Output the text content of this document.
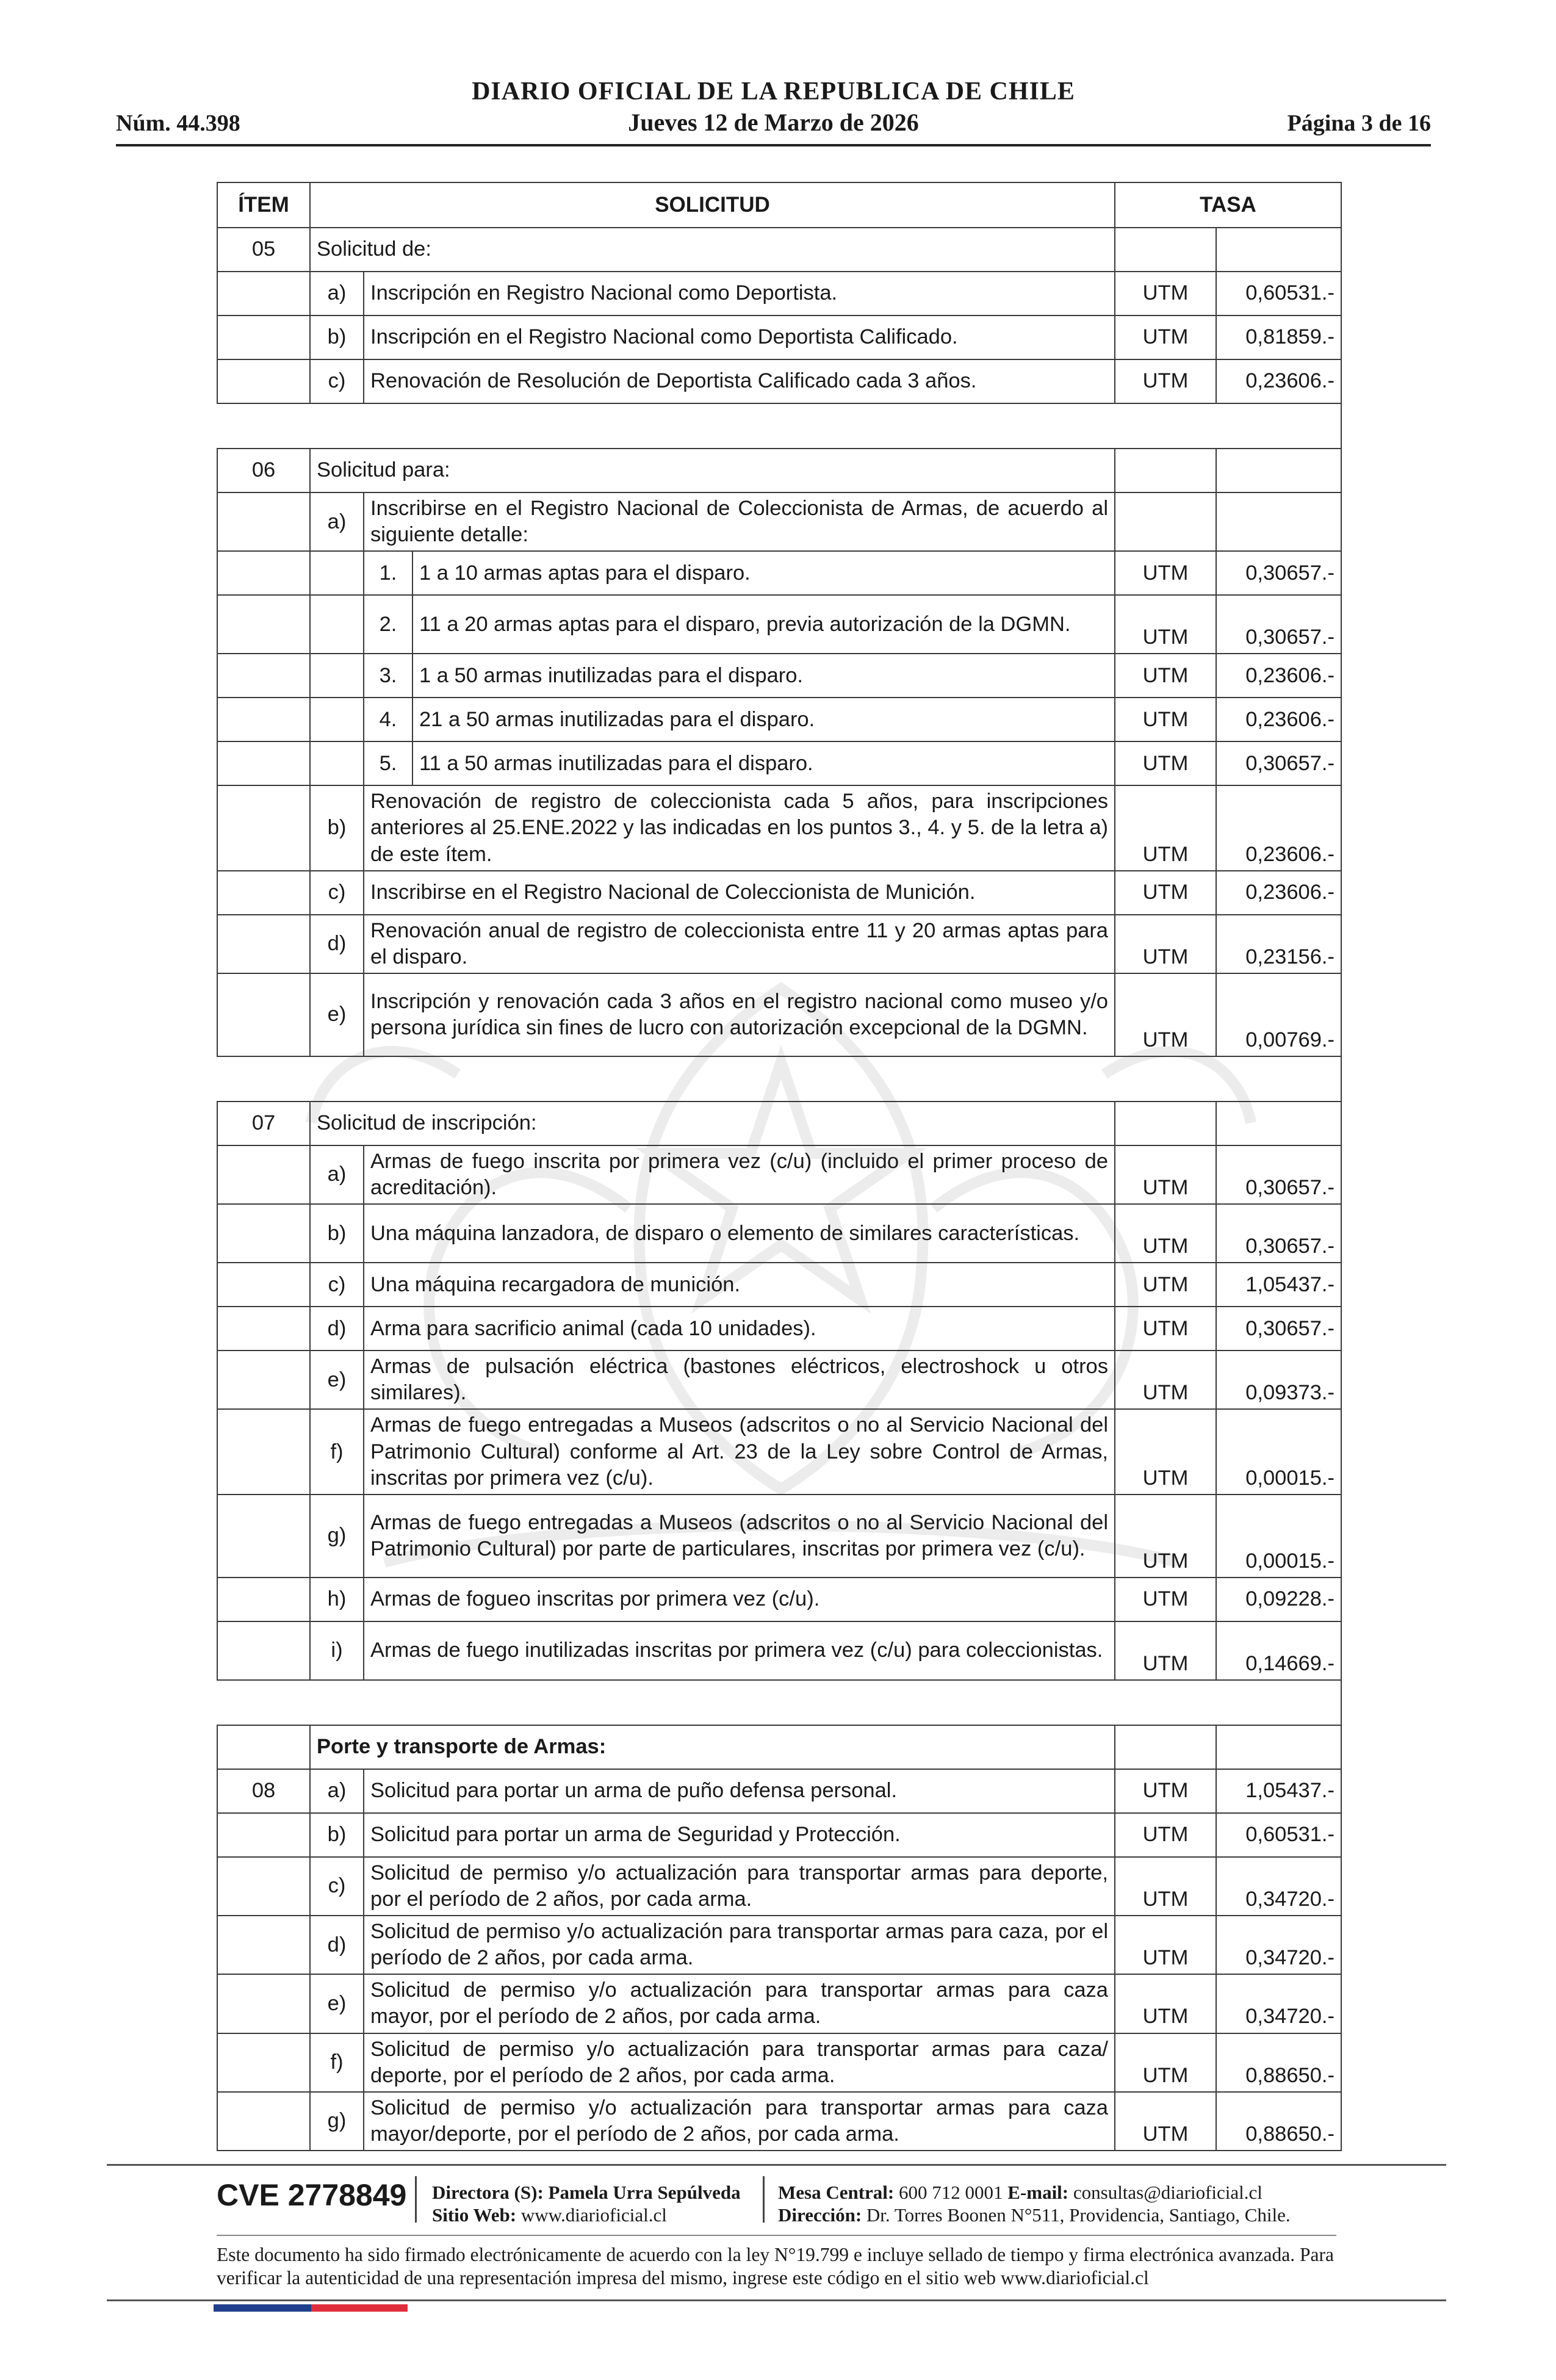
Núm. 44.398
DIARIO OFICIAL DE LA REPUBLICA DE CHILE
Jueves 12 de Marzo de 2026	Página 3 de 16
ÍTEM	SOLICITUD			TASA	
05	Solicitud de:				
	a)	Inscripción en Registro Nacional como Deportista.		UTM	0,60531.-
	b)	Inscripción en el Registro Nacional como Deportista Calificado.		UTM	0,81859.-
	c)	Renovación de Resolución de Deportista Calificado cada 3 años.		UTM	0,23606.-

06	Solicitud para:				
	a)	Inscribirse en el Registro Nacional de Coleccionista de Armas, de acuerdo al siguiente detalle:			
		1.	1 a 10 armas aptas para el disparo.	UTM	0,30657.-
		2.	11 a 20 armas aptas para el disparo, previa autorización de la DGMN.	UTM	0,30657.-
		3.	1 a 50 armas inutilizadas para el disparo.	UTM	0,23606.-
		4.	21 a 50 armas inutilizadas para el disparo.	UTM	0,23606.-
		5.	11 a 50 armas inutilizadas para el disparo.	UTM	0,30657.-
	b)	Renovación de registro de coleccionista cada 5 años, para inscripciones anteriores al 25.ENE.2022 y las indicadas en los puntos 3., 4. y 5. de la letra a) de este ítem.		UTM	0,23606.-
	c)	Inscribirse en el Registro Nacional de Coleccionista de Munición.		UTM	0,23606.-
	d)	Renovación anual de registro de coleccionista entre 11 y 20 armas aptas para el disparo.		UTM	0,23156.-
	e)	Inscripción y renovación cada 3 años en el registro nacional como museo y/o persona jurídica sin fines de lucro con autorización excepcional de la DGMN.		UTM	0,00769.-

07	Solicitud de inscripción:				
	a)	Armas de fuego inscrita por primera vez (c/u) (incluido el primer proceso de acreditación).		UTM	0,30657.-
	b)	Una máquina lanzadora, de disparo o elemento de similares características.		UTM	0,30657.-
	c)	Una máquina recargadora de munición.		UTM	1,05437.-
	d)	Arma para sacrificio animal (cada 10 unidades).		UTM	0,30657.-
	e)	Armas de pulsación eléctrica (bastones eléctricos, electroshock u otros similares).		UTM	0,09373.-
	f)	Armas de fuego entregadas a Museos (adscritos o no al Servicio Nacional del Patrimonio Cultural) conforme al Art. 23 de la Ley sobre Control de Armas, inscritas por primera vez (c/u).		UTM	0,00015.-
	g)	Armas de fuego entregadas a Museos (adscritos o no al Servicio Nacional del Patrimonio Cultural) por parte de particulares, inscritas por primera vez (c/u).		UTM	0,00015.-
	h)	Armas de fogueo inscritas por primera vez (c/u).		UTM	0,09228.-
	i)	Armas de fuego inutilizadas inscritas por primera vez (c/u) para coleccionistas.		UTM	0,14669.-

	Porte y transporte de Armas:				
08	a)	Solicitud para portar un arma de puño defensa personal.		UTM	1,05437.-
	b)	Solicitud para portar un arma de Seguridad y Protección.		UTM	0,60531.-
	c)	Solicitud de permiso y/o actualización para transportar armas para deporte, por el período de 2 años, por cada arma.		UTM	0,34720.-
	d)	Solicitud de permiso y/o actualización para transportar armas para caza, por el período de 2 años, por cada arma.		UTM	0,34720.-
	e)	Solicitud de permiso y/o actualización para transportar armas para caza mayor, por el período de 2 años, por cada arma.		UTM	0,34720.-
	f)	Solicitud de permiso y/o actualización para transportar armas para caza/ deporte, por el período de 2 años, por cada arma.		UTM	0,88650.-
	g)	Solicitud de permiso y/o actualización para transportar armas para caza mayor/deporte, por el período de 2 años, por cada arma.		UTM	0,88650.-
CVE 2778849 Directora (S): Pamela Urra Sepúlveda
Sitio Web: www.diarioficial.cl
Mesa Central: 600 712 0001 E-mail: consultas@diarioficial.cl
Dirección: Dr. Torres Boonen N°511, Providencia, Santiago, Chile.
Este documento ha sido firmado electrónicamente de acuerdo con la ley N°19.799 e incluye sellado de tiempo y firma electrónica avanzada. Para verificar la autenticidad de una representación impresa del mismo, ingrese este código en el sitio web www.diarioficial.cl
